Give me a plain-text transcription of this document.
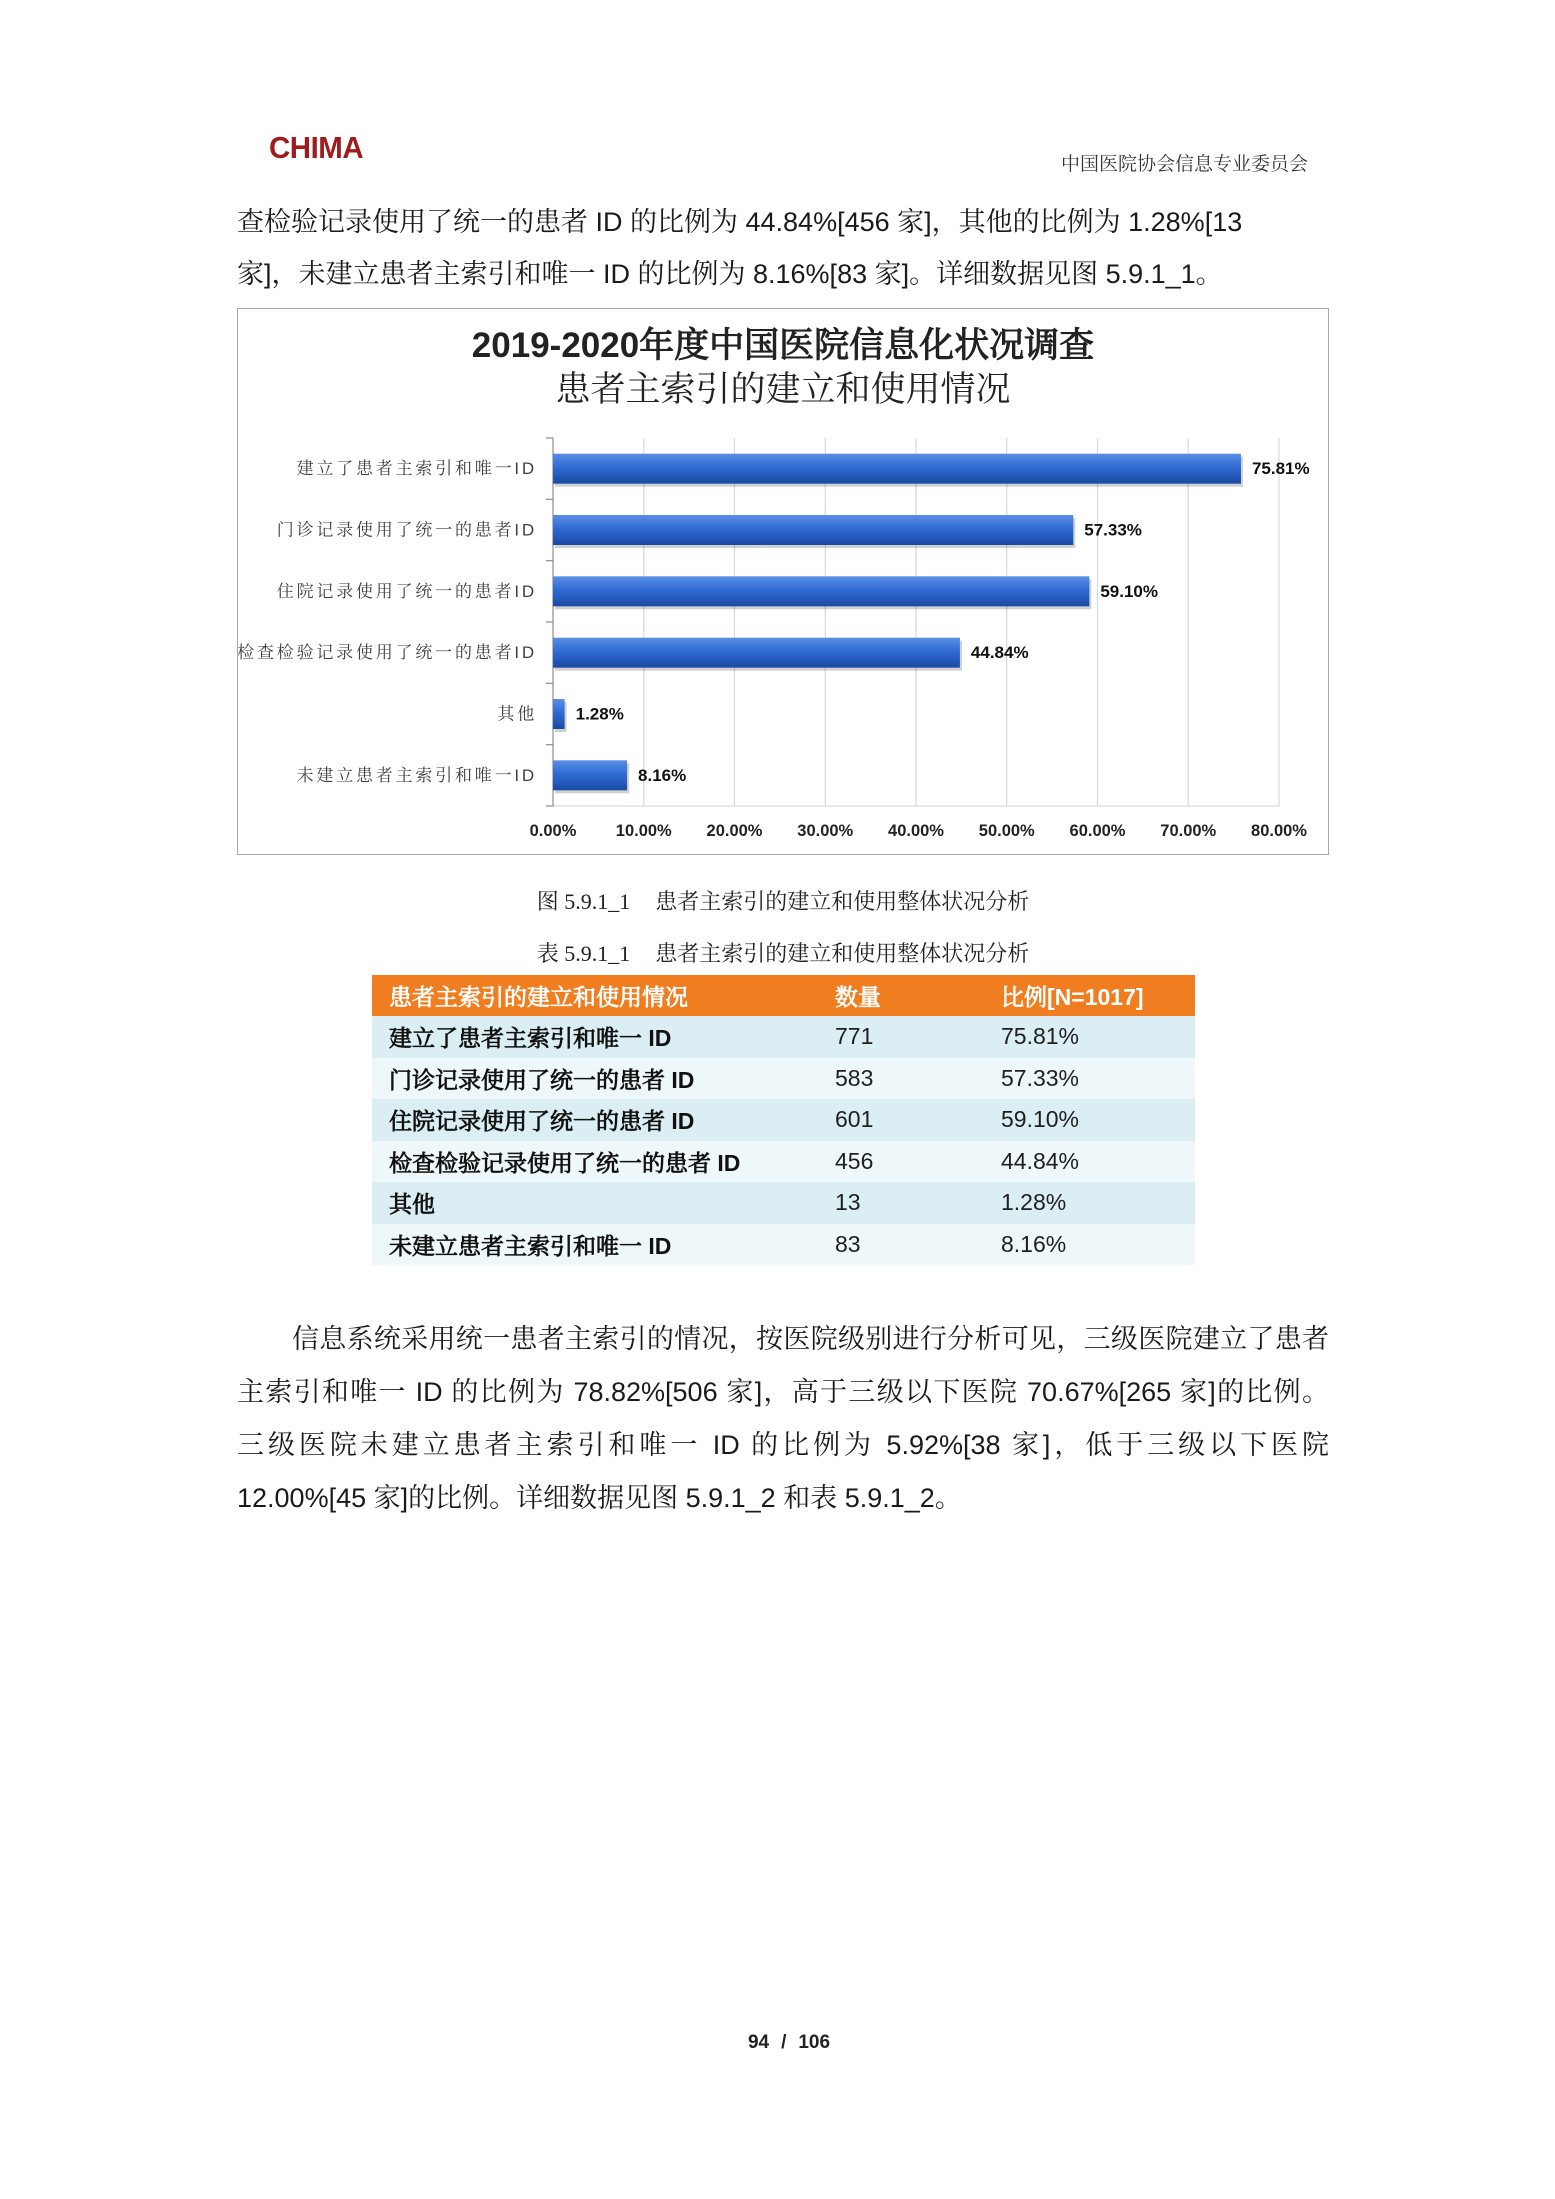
CHIMA	中国医院协会信息专业委员会
查检验记录使用了统一的患者 ID 的比例为 44.84%[456 家]，其他的比例为 1.28%[13
家]，未建立患者主索引和唯一 ID 的比例为 8.16%[83 家]。详细数据见图 5.9.1_1。
2019-2020年度中国医院信息化状况调查
患者主索引的建立和使用情况
75.81%
57.33%
59.10%
44.84%
1.28%
8.16%
建立了患者主索引和唯一ID
门诊记录使用了统一的患者ID
住院记录使用了统一的患者ID
检查检验记录使用了统一的患者ID
其他
未建立患者主索引和唯一ID
0.00% 10.00% 20.00% 30.00% 40.00% 50.00% 60.00% 70.00% 80.00%
图 5.9.1_1 患者主索引的建立和使用整体状况分析
表 5.9.1_1 患者主索引的建立和使用整体状况分析
患者主索引的建立和使用情况	数量	比例[N=1017]
建立了患者主索引和唯一 ID	771	75.81%
门诊记录使用了统一的患者 ID	583	57.33%
住院记录使用了统一的患者 ID	601	59.10%
检查检验记录使用了统一的患者 ID	456	44.84%
其他	13	1.28%
未建立患者主索引和唯一 ID	83	8.16%
信息系统采用统一患者主索引的情况，按医院级别进行分析可见，三级医院建立了患者
主索引和唯一 ID 的比例为 78.82%[506 家]，高于三级以下医院 70.67%[265 家]的比例。
三级医院未建立患者主索引和唯一 ID 的比例为 5.92%[38 家]，低于三级以下医院
12.00%[45 家]的比例。详细数据见图 5.9.1_2 和表 5.9.1_2。
94 / 106
